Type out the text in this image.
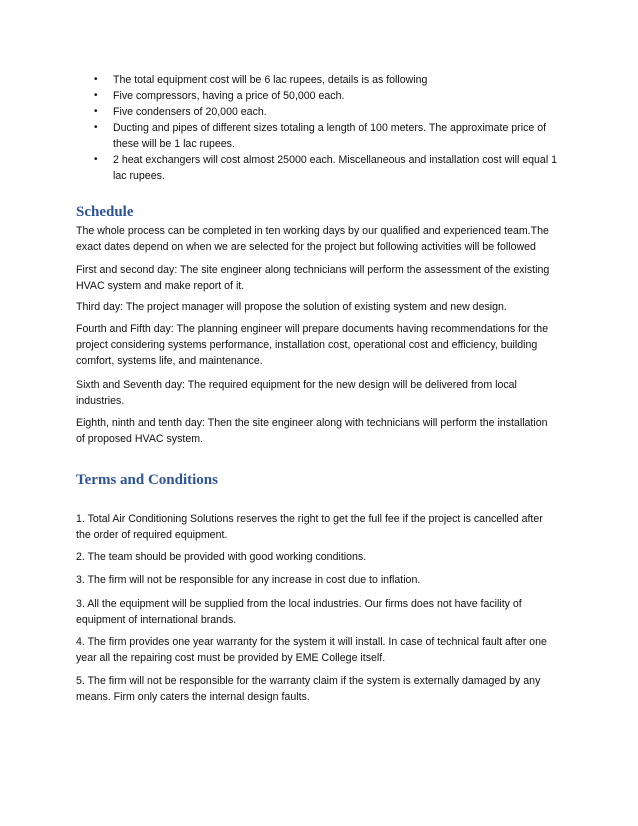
• The total equipment cost will be 6 lac rupees, details is as following
• Five compressors, having a price of 50,000 each.
• Five condensers of 20,000 each.
• Ducting and pipes of different sizes totaling a length of 100 meters. The approximate price of these will be 1 lac rupees.
• 2 heat exchangers will cost almost 25000 each. Miscellaneous and installation cost will equal 1 lac rupees.
Schedule

The whole process can be completed in ten working days by our qualified and experienced team.The exact dates depend on when we are selected for the project but following activities will be followed

First and second day: The site engineer along technicians will perform the assessment of the existing HVAC system and make report of it.

Third day: The project manager will propose the solution of existing system and new design.

Fourth and Fifth day: The planning engineer will prepare documents having recommendations for the project considering systems performance, installation cost, operational cost and efficiency, building comfort, systems life, and maintenance.

Sixth and Seventh day: The required equipment for the new design will be delivered from local industries.

Eighth, ninth and tenth day: Then the site engineer along with technicians will perform the installation of proposed HVAC system.

Terms and Conditions

1. Total Air Conditioning Solutions reserves the right to get the full fee if the project is cancelled after the order of required equipment.

2. The team should be provided with good working conditions.

3. The firm will not be responsible for any increase in cost due to inflation.

3. All the equipment will be supplied from the local industries. Our firms does not have facility of equipment of international brands.

4. The firm provides one year warranty for the system it will install. In case of technical fault after one year all the repairing cost must be provided by EME College itself.

5. The firm will not be responsible for the warranty claim if the system is externally damaged by any means. Firm only caters the internal design faults.
